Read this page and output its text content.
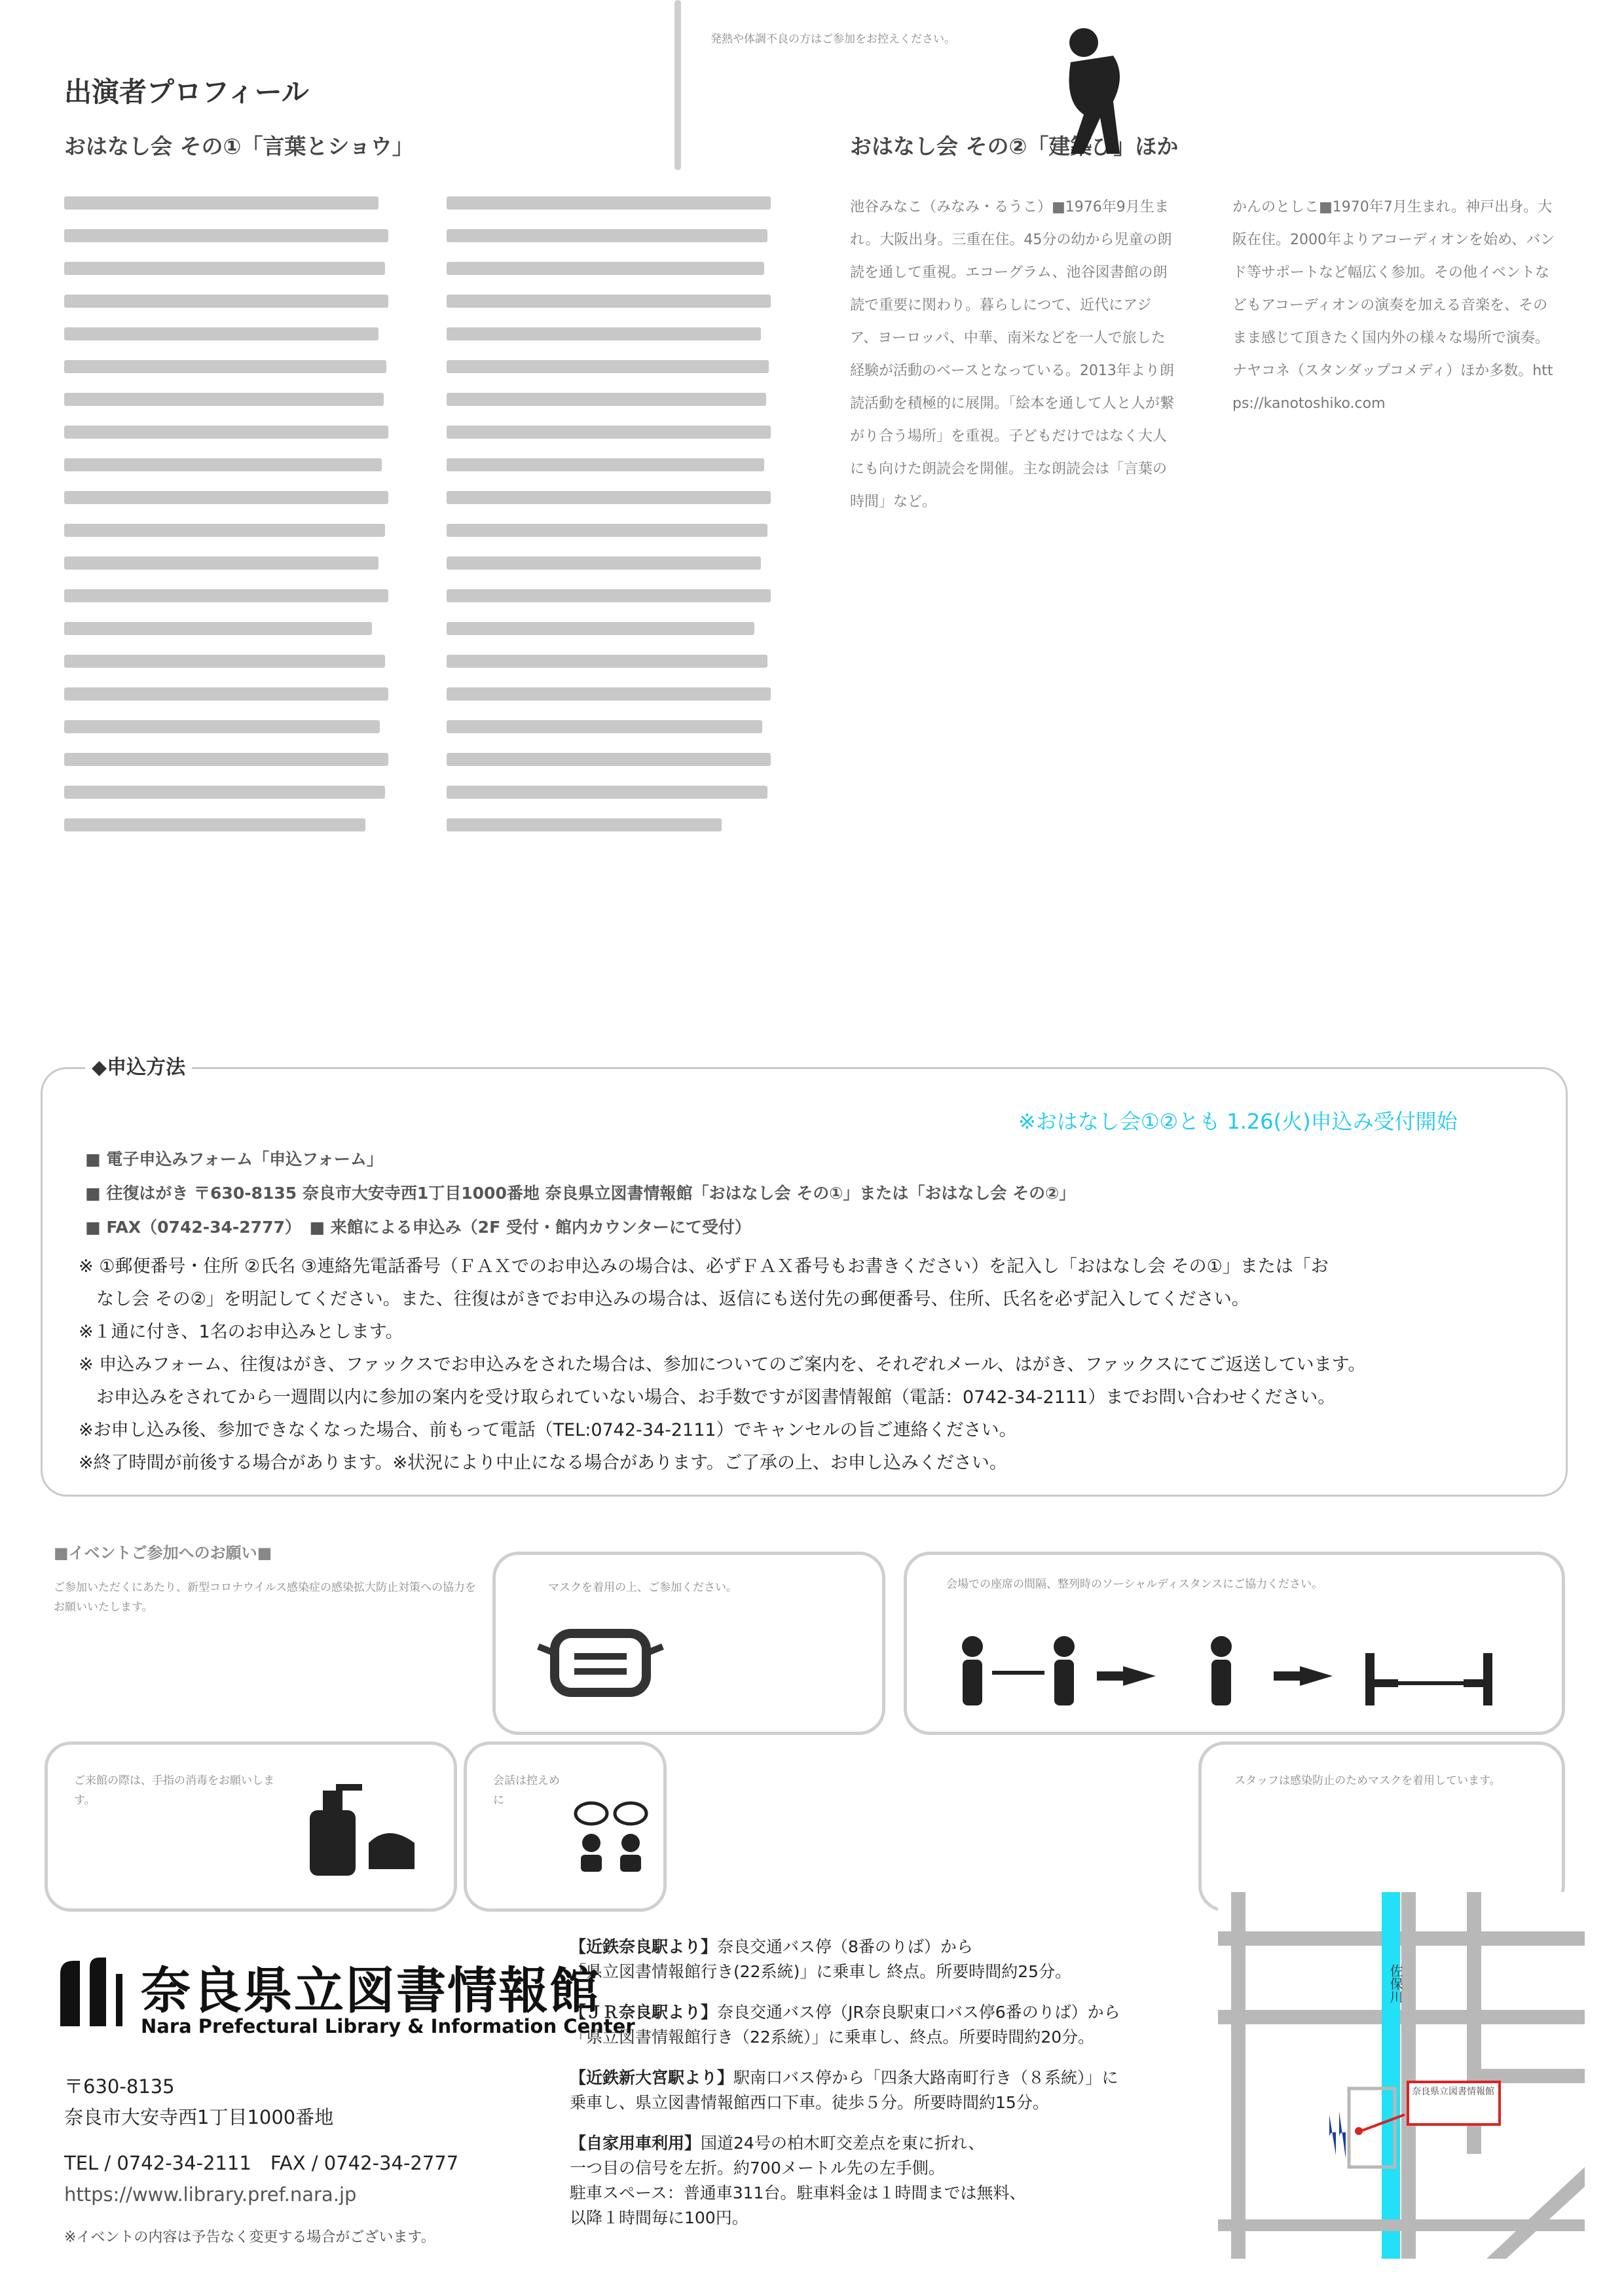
出演者プロフィール
おはなし会 その①「言葉とショウ」	おはなし会 その②「建築び」ほか
池谷みなこ（みなみ・るうこ）■1976年9月生まれ。大阪出身。三重在住。45分の幼から児童の朗読を通して重視。エコーグラム、池谷図書館の朗読で重要に関わり。暮らしにつて、近代にアジア、ヨーロッパ、中華、南米などを一人で旅した経験が活動のベースとなっている。2013年より朗読活動を積極的に展開。「絵本を通して人と人が繋がり合う場所」を重視。子どもだけではなく大人にも向けた朗読会を開催。主な朗読会は「言葉の時間」など。
かんのとしこ■1970年7月生まれ。神戸出身。大阪在住。2000年よりアコーディオンを始め、バンド等サポートなど幅広く参加。その他イベントなどもアコーディオンの演奏を加える音楽を、そのまま感じて頂きたく国内外の様々な場所で演奏。ナヤコネ（スタンダップコメディ）ほか多数。https://kanotoshiko.com
◆申込方法
※おはなし会①②とも 1.26(火)申込み受付開始
■ 電子申込みフォーム「申込フォーム」
■ 往復はがき 〒630-8135 奈良市大安寺西1丁目1000番地 奈良県立図書情報館「おはなし会 その①」または「おはなし会 その②」
■ FAX（0742-34-2777）　■ 来館による申込み（2F 受付・館内カウンターにて受付）
※ ①郵便番号・住所 ②氏名 ③連絡先電話番号（ＦＡＸでのお申込みの場合は、必ずＦＡＸ番号もお書きください）を記入し「おはなし会 その①」または「お
　なし会 その②」を明記してください。また、往復はがきでお申込みの場合は、返信にも送付先の郵便番号、住所、氏名を必ず記入してください。
※１通に付き、1名のお申込みとします。
※ 申込みフォーム、往復はがき、ファックスでお申込みをされた場合は、参加についてのご案内を、それぞれメール、はがき、ファックスにてご返送しています。
　お申込みをされてから一週間以内に参加の案内を受け取られていない場合、お手数ですが図書情報館（電話：0742-34-2111）までお問い合わせください。
※お申し込み後、参加できなくなった場合、前もって電話（TEL:0742-34-2111）でキャンセルの旨ご連絡ください。
※終了時間が前後する場合があります。※状況により中止になる場合があります。ご了承の上、お申し込みください。
■イベントご参加へのお願い■
ご参加いただくにあたり、新型コロナウイルス感染症の感染拡大防止対策への協力をお願いいたします。
マスクを着用の上、ご参加ください。	会場での座席の間隔、整列時のソーシャルディスタンスにご協力ください。
ご来館の際は、手指の消毒をお願いします。
会話は控えめに
発熱や体調不良の方はご参加をお控えください。
スタッフは感染防止のためマスクを着用しています。
奈良県立図書情報館
Nara Prefectural Library & Information Center
〒630-8135
奈良市大安寺西1丁目1000番地
TEL / 0742-34-2111　FAX / 0742-34-2777
https://www.library.pref.nara.jp
※イベントの内容は予告なく変更する場合がございます。
【近鉄奈良駅より】奈良交通バス停（8番のりば）から
「県立図書情報館行き(22系統)」に乗車し 終点。所要時間約25分。
【ＪＲ奈良駅より】奈良交通バス停（JR奈良駅東口バス停6番のりば）から
「県立図書情報館行き（22系統）」に乗車し、終点。所要時間約20分。
【近鉄新大宮駅より】駅南口バス停から「四条大路南町行き（８系統）」に
乗車し、県立図書情報館西口下車。徒歩５分。所要時間約15分。
【自家用車利用】国道24号の柏木町交差点を東に折れ、
一つ目の信号を左折。約700メートル先の左手側。
駐車スペース：普通車311台。駐車料金は１時間までは無料、
以降１時間毎に100円。
佐保川
奈良県立図書情報館
